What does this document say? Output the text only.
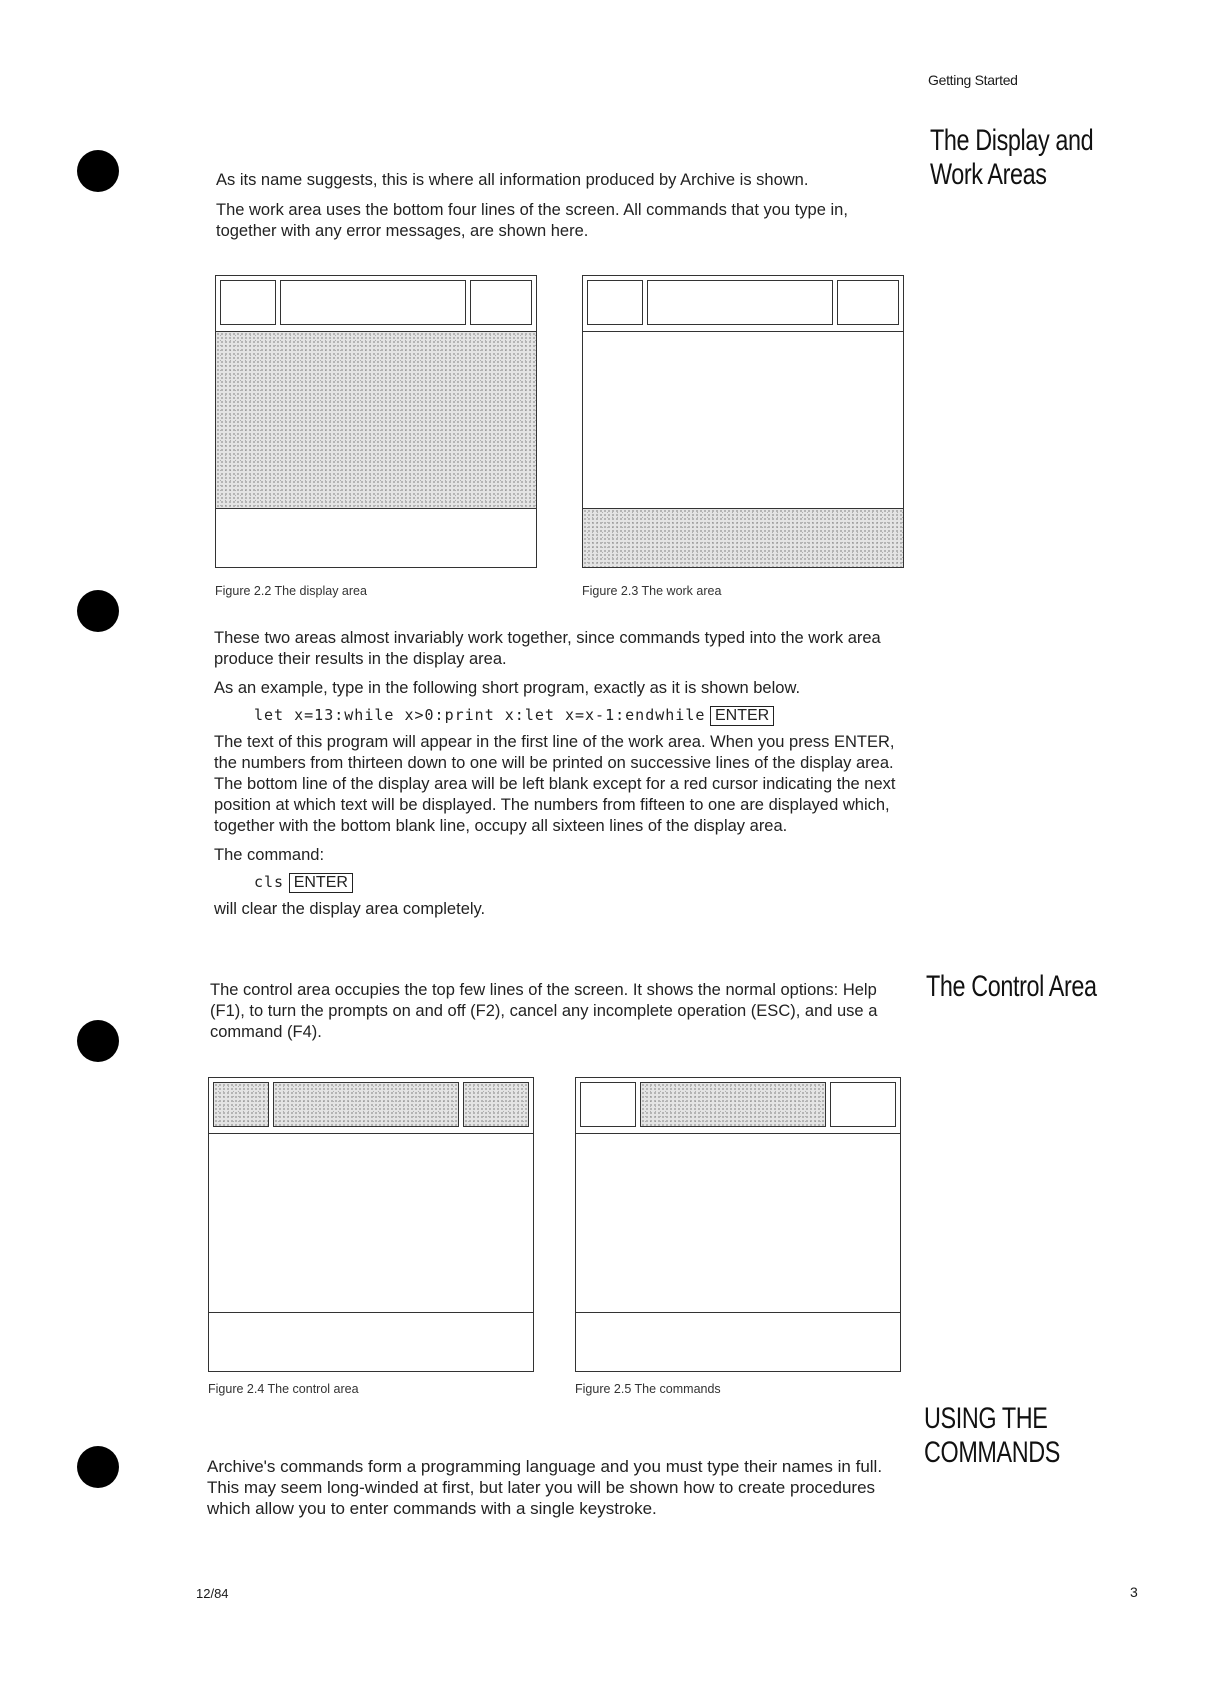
Getting Started
The Display and
Work Areas

As its name suggests, this is where all information produced by Archive is shown.

The work area uses the bottom four lines of the screen. All commands that you type in, together with any error messages, are shown here.

Figure 2.2 The display area	Figure 2.3 The work area

These two areas almost invariably work together, since commands typed into the work area produce their results in the display area.

As an example, type in the following short program, exactly as it is shown below.

let x=13:while x>0:print x:let x=x-1:endwhile ENTER

The text of this program will appear in the first line of the work area. When you press ENTER, the numbers from thirteen down to one will be printed on successive lines of the display area. The bottom line of the display area will be left blank except for a red cursor indicating the next position at which text will be displayed. The numbers from fifteen to one are displayed which, together with the bottom blank line, occupy all sixteen lines of the display area.

The command:

cls ENTER

will clear the display area completely.

The Control Area

The control area occupies the top few lines of the screen. It shows the normal options: Help (F1), to turn the prompts on and off (F2), cancel any incomplete operation (ESC), and use a command (F4).

Figure 2.4 The control area	Figure 2.5 The commands
USING THE
COMMANDS

Archive's commands form a programming language and you must type their names in full. This may seem long-winded at first, but later you will be shown how to create procedures which allow you to enter commands with a single keystroke.

12/84	3
